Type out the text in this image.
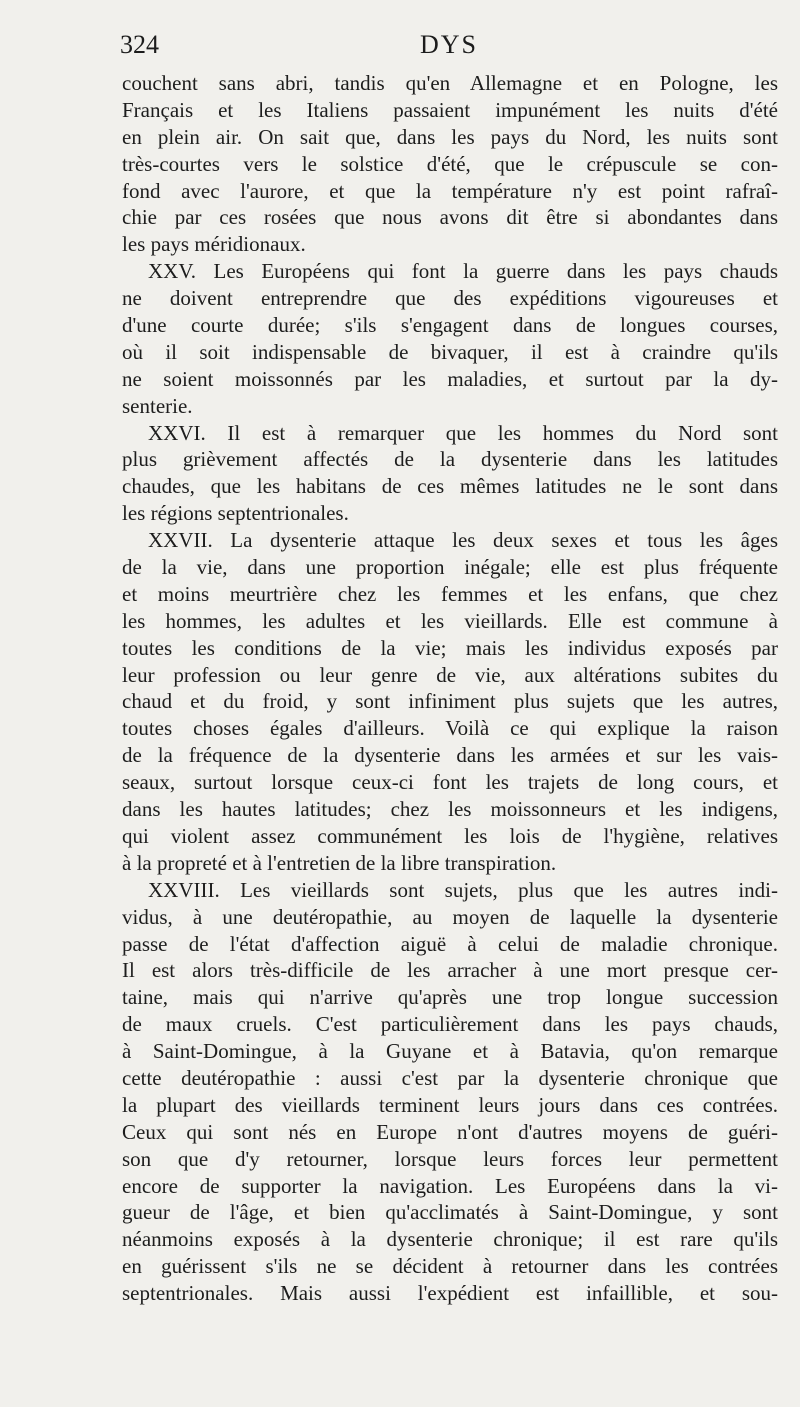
324	DYS
couchent sans abri, tandis qu'en Allemagne et en Pologne, les
Français et les Italiens passaient impunément les nuits d'été
en plein air. On sait que, dans les pays du Nord, les nuits sont
très-courtes vers le solstice d'été, que le crépuscule se con-
fond avec l'aurore, et que la température n'y est point rafraî-
chie par ces rosées que nous avons dit être si abondantes dans
les pays méridionaux.
XXV. Les Européens qui font la guerre dans les pays chauds
ne doivent entreprendre que des expéditions vigoureuses et
d'une courte durée; s'ils s'engagent dans de longues courses,
où il soit indispensable de bivaquer, il est à craindre qu'ils
ne soient moissonnés par les maladies, et surtout par la dy-
senterie.
XXVI. Il est à remarquer que les hommes du Nord sont
plus grièvement affectés de la dysenterie dans les latitudes
chaudes, que les habitans de ces mêmes latitudes ne le sont dans
les régions septentrionales.
XXVII. La dysenterie attaque les deux sexes et tous les âges
de la vie, dans une proportion inégale; elle est plus fréquente
et moins meurtrière chez les femmes et les enfans, que chez
les hommes, les adultes et les vieillards. Elle est commune à
toutes les conditions de la vie; mais les individus exposés par
leur profession ou leur genre de vie, aux altérations subites du
chaud et du froid, y sont infiniment plus sujets que les autres,
toutes choses égales d'ailleurs. Voilà ce qui explique la raison
de la fréquence de la dysenterie dans les armées et sur les vais-
seaux, surtout lorsque ceux-ci font les trajets de long cours, et
dans les hautes latitudes; chez les moissonneurs et les indigens,
qui violent assez communément les lois de l'hygiène, relatives
à la propreté et à l'entretien de la libre transpiration.
XXVIII. Les vieillards sont sujets, plus que les autres indi-
vidus, à une deutéropathie, au moyen de laquelle la dysenterie
passe de l'état d'affection aiguë à celui de maladie chronique.
Il est alors très-difficile de les arracher à une mort presque cer-
taine, mais qui n'arrive qu'après une trop longue succession
de maux cruels. C'est particulièrement dans les pays chauds,
à Saint-Domingue, à la Guyane et à Batavia, qu'on remarque
cette deutéropathie : aussi c'est par la dysenterie chronique que
la plupart des vieillards terminent leurs jours dans ces contrées.
Ceux qui sont nés en Europe n'ont d'autres moyens de guéri-
son que d'y retourner, lorsque leurs forces leur permettent
encore de supporter la navigation. Les Européens dans la vi-
gueur de l'âge, et bien qu'acclimatés à Saint-Domingue, y sont
néanmoins exposés à la dysenterie chronique; il est rare qu'ils
en guérissent s'ils ne se décident à retourner dans les contrées
septentrionales. Mais aussi l'expédient est infaillible, et sou-
